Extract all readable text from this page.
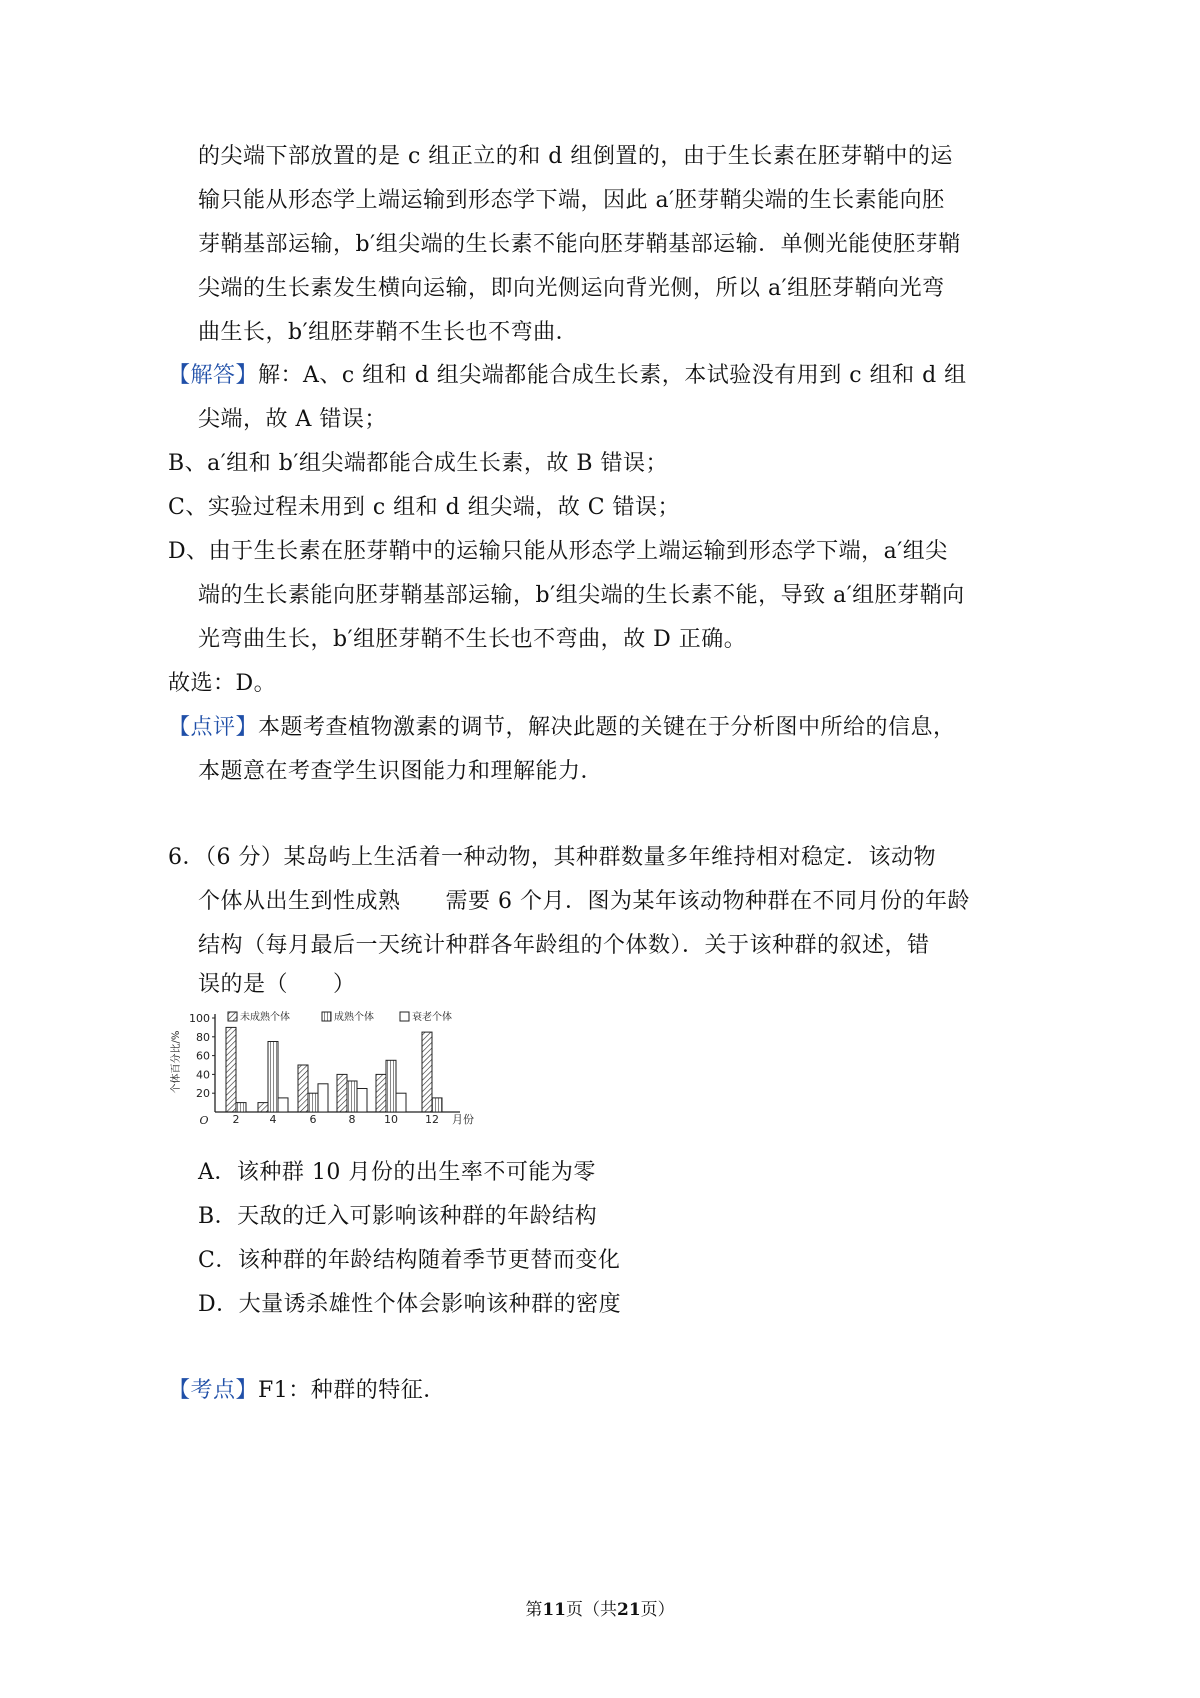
的尖端下部放置的是 c 组正立的和 d 组倒置的，由于生长素在胚芽鞘中的运
输只能从形态学上端运输到形态学下端，因此 a′胚芽鞘尖端的生长素能向胚
芽鞘基部运输，b′组尖端的生长素不能向胚芽鞘基部运输．单侧光能使胚芽鞘
尖端的生长素发生横向运输，即向光侧运向背光侧，所以 a′组胚芽鞘向光弯
曲生长，b′组胚芽鞘不生长也不弯曲．
【解答】解：A、c 组和 d 组尖端都能合成生长素，本试验没有用到 c 组和 d 组
尖端，故 A 错误；
B、a′组和 b′组尖端都能合成生长素，故 B 错误；
C、实验过程未用到 c 组和 d 组尖端，故 C 错误；
D、由于生长素在胚芽鞘中的运输只能从形态学上端运输到形态学下端，a′组尖
端的生长素能向胚芽鞘基部运输，b′组尖端的生长素不能，导致 a′组胚芽鞘向
光弯曲生长，b′组胚芽鞘不生长也不弯曲，故 D 正确。
故选：D。
【点评】本题考查植物激素的调节，解决此题的关键在于分析图中所给的信息，
本题意在考查学生识图能力和理解能力．
6．（6 分）某岛屿上生活着一种动物，其种群数量多年维持相对稳定．该动物
个体从出生到性成熟　　需要 6 个月．图为某年该动物种群在不同月份的年龄
结构（每月最后一天统计种群各年龄组的个体数）．关于该种群的叙述，错
误的是（　　）
个体百分比/%
20
40
60
80
100
O 2	4	6	8	10 12 月份
未成熟个体	成熟个体	衰老个体
A．该种群 10 月份的出生率不可能为零
B．天敌的迁入可影响该种群的年龄结构
C．该种群的年龄结构随着季节更替而变化
D．大量诱杀雄性个体会影响该种群的密度
【考点】F1：种群的特征．
第11页（共21页）
